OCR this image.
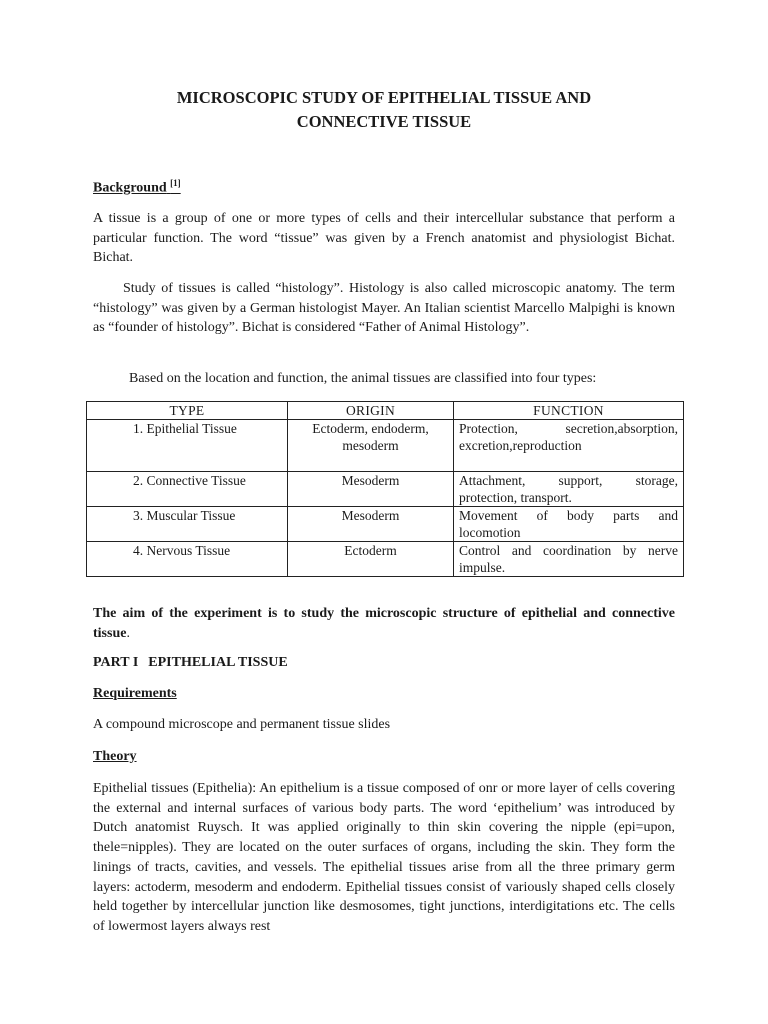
MICROSCOPIC STUDY OF EPITHELIAL TISSUE AND
CONNECTIVE TISSUE
Background [1]

A tissue is a group of one or more types of cells and their intercellular substance that perform a particular function. The word “tissue” was given by a French anatomist and physiologist Bichat. Bichat.

Study of tissues is called “histology”. Histology is also called microscopic anatomy. The term “histology” was given by a German histologist Mayer. An Italian scientist Marcello Malpighi is known as “founder of histology”. Bichat is considered “Father of Animal Histology”.

Based on the location and function, the animal tissues are classified into four types:
TYPE	ORIGIN	FUNCTION
1. Epithelial Tissue	Ectoderm, endoderm, mesoderm	Protection, secretion,absorption, excretion,reproduction
2. Connective Tissue	Mesoderm	Attachment, support, storage, protection, transport.
3. Muscular Tissue	Mesoderm	Movement of body parts and locomotion
4. Nervous Tissue	Ectoderm	Control and coordination by nerve impulse.

The aim of the experiment is to study the microscopic structure of epithelial and connective tissue.

PART I EPITHELIAL TISSUE
Requirements
A compound microscope and permanent tissue slides
Theory

Epithelial tissues (Epithelia): An epithelium is a tissue composed of onr or more layer of cells covering the external and internal surfaces of various body parts. The word ‘epithelium’ was introduced by Dutch anatomist Ruysch. It was applied originally to thin skin covering the nipple (epi=upon, thele=nipples). They are located on the outer surfaces of organs, including the skin. They form the linings of tracts, cavities, and vessels. The epithelial tissues arise from all the three primary germ layers: actoderm, mesoderm and endoderm. Epithelial tissues consist of variously shaped cells closely held together by intercellular junction like desmosomes, tight junctions, interdigitations etc. The cells of lowermost layers always rest
